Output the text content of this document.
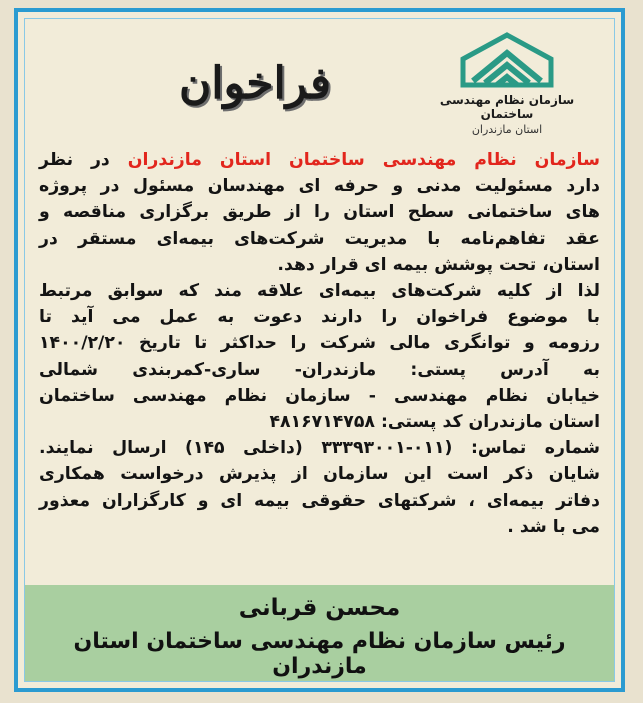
سازمان نظام مهندسی ساختمان
استان مازندران
فراخوان
سازمان نظام مهندسی ساختمان استان مازندران در نظر
دارد مسئولیت مدنی و حرفه ای مهندسان مسئول در پروژه
های ساختمانی سطح استان را از طریق برگزاری مناقصه و
عقد تفاهم‌نامه با مدیریت شرکت‌های بیمه‌ای مستقر در
استان، تحت پوشش بیمه ای قرار دهد.
لذا از کلیه شرکت‌های بیمه‌ای علاقه مند که سوابق مرتبط
با موضوع فراخوان را دارند دعوت به عمل می آید تا
رزومه و توانگری مالی شرکت را حداکثر تا تاریخ ۱۴۰۰/۲/۲۰
به آدرس پستی: مازندران- ساری-کمربندی شمالی
خیابان نظام مهندسی - سازمان نظام مهندسی ساختمان
استان مازندران کد پستی: ۴۸۱۶۷۱۴۷۵۸
شماره تماس: (۰۱۱-۳۳۳۹۳۰۰۱ (داخلی ۱۴۵) ارسال نمایند.
شایان ذکر است این سازمان از پذیرش درخواست همکاری
دفاتر بیمه‌ای ، شرکتهای حقوقی بیمه ای و کارگزاران معذور
می با شد .
محسن قربانی
رئیس سازمان نظام مهندسی ساختمان استان مازندران
